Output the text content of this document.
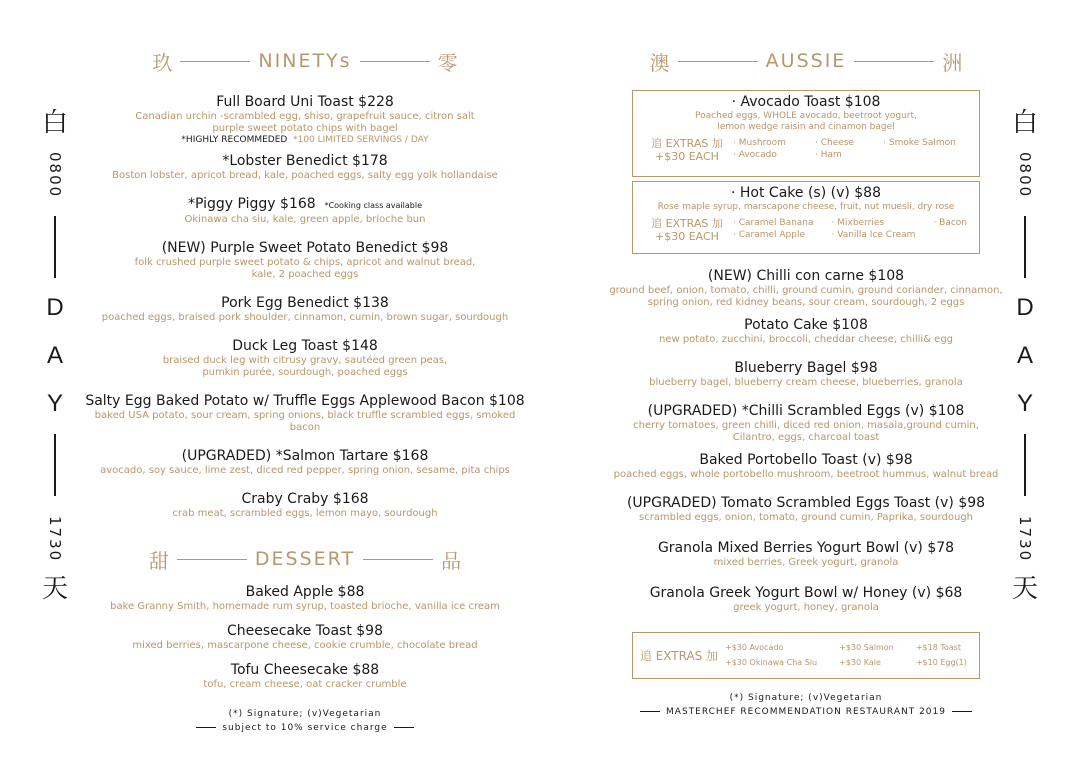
白
0800
D
A
Y
1730
天
白
0800
D
A
Y
1730
天
玖	NINETYs	零
Full Board Uni Toast $228
Canadian urchin -scrambled egg, shiso, grapefruit sauce, citron salt
purple sweet potato chips with bagel
*HIGHLY RECOMMEDED *100 LIMITED SERVINGS / DAY
*Lobster Benedict $178
Boston lobster, apricot bread, kale, poached eggs, salty egg yolk hollandaise
*Piggy Piggy $168 *Cooking class available
Okinawa cha siu, kale, green apple, brioche bun
(NEW) Purple Sweet Potato Benedict $98
folk crushed purple sweet potato & chips, apricot and walnut bread,
kale, 2 poached eggs
Pork Egg Benedict $138
poached eggs, braised pork shoulder, cinnamon, cumin, brown sugar, sourdough
Duck Leg Toast $148
braised duck leg with citrusy gravy, sautéed green peas,
pumkin purée, sourdough, poached eggs
Salty Egg Baked Potato w/ Truffle Eggs Applewood Bacon $108
baked USA potato, sour cream, spring onions, black truffle scrambled eggs, smoked bacon
(UPGRADED) *Salmon Tartare $168
avocado, soy sauce, lime zest, diced red pepper, spring onion, sesame, pita chips
Craby Craby $168
crab meat, scrambled eggs, lemon mayo, sourdough
甜	DESSERT	品
Baked Apple $88
bake Granny Smith, homemade rum syrup, toasted brioche, vanilla ice cream
Cheesecake Toast $98
mixed berries, mascarpone cheese, cookie crumble, chocolate bread
Tofu Cheesecake $88
tofu, cream cheese, oat cracker crumble
(*) Signature; (v)Vegetarian
subject to 10% service charge
澳	AUSSIE	洲
· Avocado Toast $108
Poached eggs, WHOLE avocado, beetroot yogurt,
lemon wedge raisin and cinamon bagel
追 EXTRAS 加
+$30 EACH
· Mushroom	· Cheese	· Smoke Salmon
· Avocado	· Ham
· Hot Cake (s) (v) $88
Rose maple syrup, marscapone cheese, fruit, nut muesli, dry rose
追 EXTRAS 加
+$30 EACH
· Caramel Banana	· Mixberries	· Bacon
· Caramel Apple	· Vanilla Ice Cream
(NEW) Chilli con carne $108
ground beef, onion, tomato, chilli, ground cumin, ground coriander, cinnamon,
spring onion, red kidney beans, sour cream, sourdough, 2 eggs
Potato Cake $108
new potato, zucchini, broccoli, cheddar cheese, chilli& egg
Blueberry Bagel $98
blueberry bagel, blueberry cream cheese, blueberries, granola
(UPGRADED) *Chilli Scrambled Eggs (v) $108
cherry tomatoes, green chilli, diced red onion, masala,ground cumin,
Cilantro, eggs, charcoal toast
Baked Portobello Toast (v) $98
poached eggs, whole portobello mushroom, beetroot hummus, walnut bread
(UPGRADED) Tomato Scrambled Eggs Toast (v) $98
scrambled eggs, onion, tomato, ground cumin, Paprika, sourdough
Granola Mixed Berries Yogurt Bowl (v) $78
mixed berries, Greek yogurt, granola
Granola Greek Yogurt Bowl w/ Honey (v) $68
greek yogurt, honey, granola
追 EXTRAS 加
+$30 Avocado	+$30 Salmon	+$18 Toast
+$30 Okinawa Cha Siu	+$30 Kale	+$10 Egg(1)
(*) Signature; (v)Vegetarian
MASTERCHEF RECOMMENDATION RESTAURANT 2019
